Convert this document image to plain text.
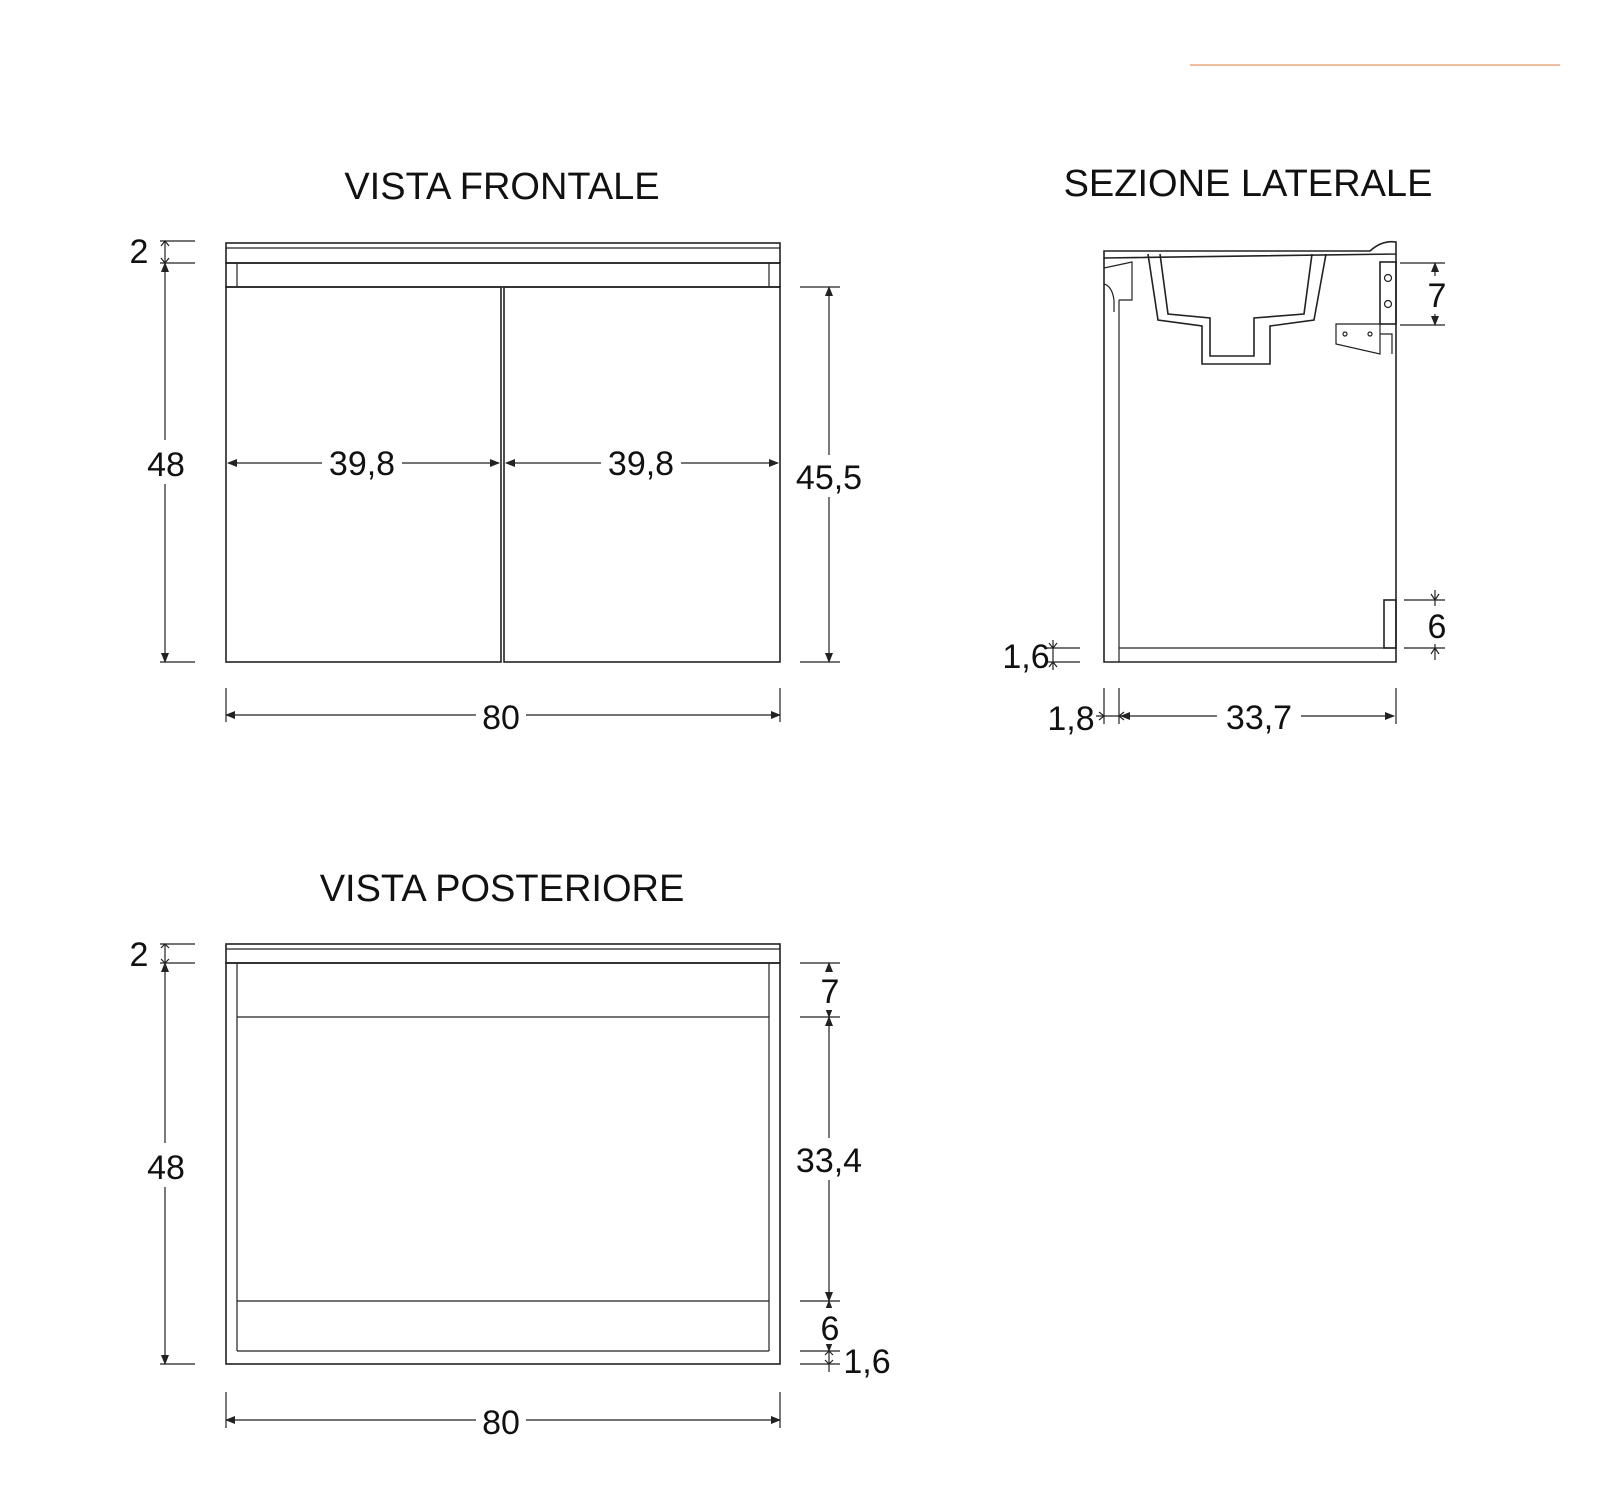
VISTA FRONTALE
2
48	39,8	39,8	45,5
80
SEZIONE LATERALE
7
6
1,6
1,8	33,7
VISTA POSTERIORE
2
48
7
33,4
6
1,6
80
